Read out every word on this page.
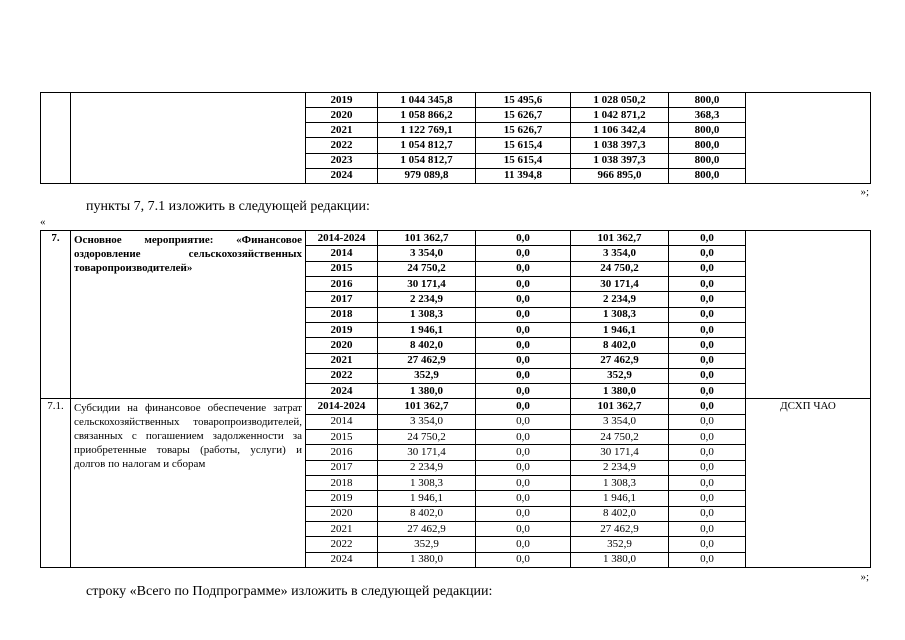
		2019	1 044 345,8	15 495,6	1 028 050,2	800,0	
		2020	1 058 866,2	15 626,7	1 042 871,2	368,3	
		2021	1 122 769,1	15 626,7	1 106 342,4	800,0	
		2022	1 054 812,7	15 615,4	1 038 397,3	800,0	
		2023	1 054 812,7	15 615,4	1 038 397,3	800,0	
		2024	979 089,8	11 394,8	966 895,0	800,0	
»;
пункты 7, 7.1 изложить в следующей редакции:
«
7.	Основное мероприятие: «Финансовое оздоровление сельскохозяйственных товаропроизводителей»	2014-2024	101 362,7	0,0	101 362,7	0,0	
		2014	3 354,0	0,0	3 354,0	0,0	
		2015	24 750,2	0,0	24 750,2	0,0	
		2016	30 171,4	0,0	30 171,4	0,0	
		2017	2 234,9	0,0	2 234,9	0,0	
		2018	1 308,3	0,0	1 308,3	0,0	
		2019	1 946,1	0,0	1 946,1	0,0	
		2020	8 402,0	0,0	8 402,0	0,0	
		2021	27 462,9	0,0	27 462,9	0,0	
		2022	352,9	0,0	352,9	0,0	
		2024	1 380,0	0,0	1 380,0	0,0	
7.1.	Субсидии на финансовое обеспечение затрат сельскохозяйственных товаропроизводителей, связанных с погашением задолженности за приобретенные товары (работы, услуги) и долгов по налогам и сборам	2014-2024	101 362,7	0,0	101 362,7	0,0	ДСХП ЧАО
		2014	3 354,0	0,0	3 354,0	0,0	
		2015	24 750,2	0,0	24 750,2	0,0	
		2016	30 171,4	0,0	30 171,4	0,0	
		2017	2 234,9	0,0	2 234,9	0,0	
		2018	1 308,3	0,0	1 308,3	0,0	
		2019	1 946,1	0,0	1 946,1	0,0	
		2020	8 402,0	0,0	8 402,0	0,0	
		2021	27 462,9	0,0	27 462,9	0,0	
		2022	352,9	0,0	352,9	0,0	
		2024	1 380,0	0,0	1 380,0	0,0	
»;
строку «Всего по Подпрограмме» изложить в следующей редакции:
